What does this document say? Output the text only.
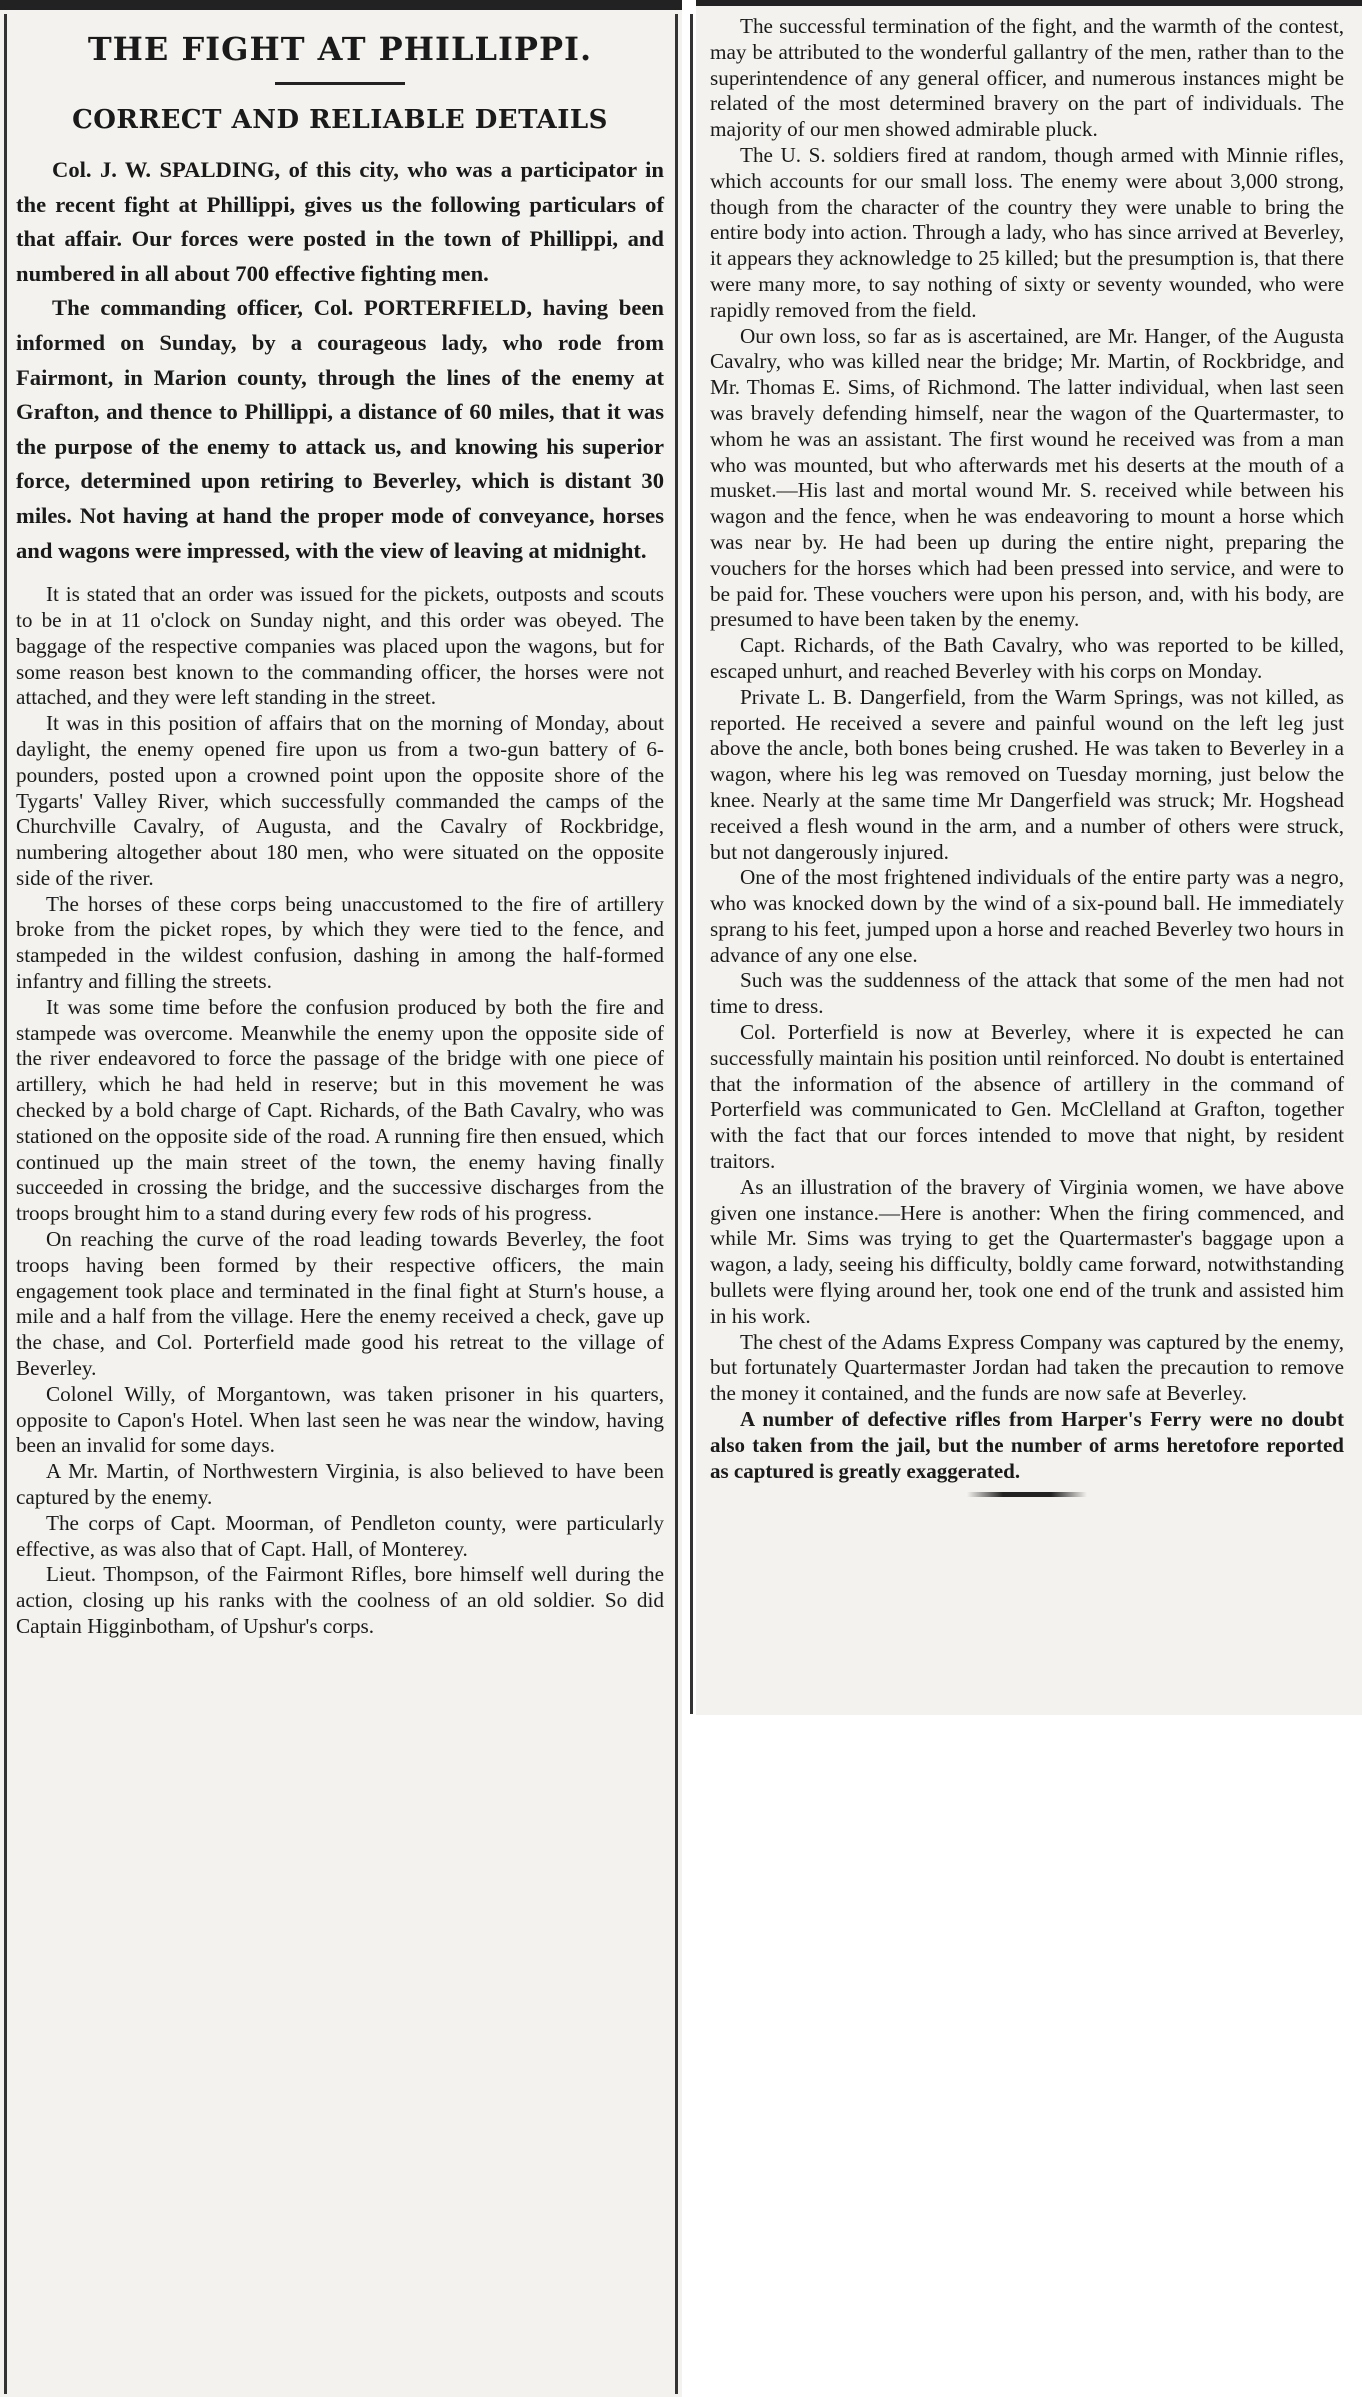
THE FIGHT AT PHILLIPPI.
CORRECT AND RELIABLE DETAILS

Col. J. W. SPALDING, of this city, who was a participator in the recent fight at Phillippi, gives us the following particulars of that affair. Our forces were posted in the town of Phillippi, and numbered in all about 700 effective fighting men.

The commanding officer, Col. PORTERFIELD, having been informed on Sunday, by a courageous lady, who rode from Fairmont, in Marion county, through the lines of the enemy at Grafton, and thence to Phillippi, a distance of 60 miles, that it was the purpose of the enemy to attack us, and knowing his superior force, determined upon retiring to Beverley, which is distant 30 miles. Not having at hand the proper mode of conveyance, horses and wagons were impressed, with the view of leaving at midnight.

It is stated that an order was issued for the pickets, outposts and scouts to be in at 11 o'clock on Sunday night, and this order was obeyed. The baggage of the respective companies was placed upon the wagons, but for some reason best known to the commanding officer, the horses were not attached, and they were left standing in the street.

It was in this position of affairs that on the morning of Monday, about daylight, the enemy opened fire upon us from a two-gun battery of 6-pounders, posted upon a crowned point upon the opposite shore of the Tygarts' Valley River, which successfully commanded the camps of the Churchville Cavalry, of Augusta, and the Cavalry of Rockbridge, numbering altogether about 180 men, who were situated on the opposite side of the river.

The horses of these corps being unaccustomed to the fire of artillery broke from the picket ropes, by which they were tied to the fence, and stampeded in the wildest confusion, dashing in among the half-formed infantry and filling the streets.

It was some time before the confusion produced by both the fire and stampede was overcome. Meanwhile the enemy upon the opposite side of the river endeavored to force the passage of the bridge with one piece of artillery, which he had held in reserve; but in this movement he was checked by a bold charge of Capt. Richards, of the Bath Cavalry, who was stationed on the opposite side of the road. A running fire then ensued, which continued up the main street of the town, the enemy having finally succeeded in crossing the bridge, and the successive discharges from the troops brought him to a stand during every few rods of his progress.

On reaching the curve of the road leading towards Beverley, the foot troops having been formed by their respective officers, the main engagement took place and terminated in the final fight at Sturn's house, a mile and a half from the village. Here the enemy received a check, gave up the chase, and Col. Porterfield made good his retreat to the village of Beverley.

Colonel Willy, of Morgantown, was taken prisoner in his quarters, opposite to Capon's Hotel. When last seen he was near the window, having been an invalid for some days.

A Mr. Martin, of Northwestern Virginia, is also believed to have been captured by the enemy.

The corps of Capt. Moorman, of Pendleton county, were particularly effective, as was also that of Capt. Hall, of Monterey.

Lieut. Thompson, of the Fairmont Rifles, bore himself well during the action, closing up his ranks with the coolness of an old soldier. So did Captain Higginbotham, of Upshur's corps.

The successful termination of the fight, and the warmth of the contest, may be attributed to the wonderful gallantry of the men, rather than to the superintendence of any general officer, and numerous instances might be related of the most determined bravery on the part of individuals. The majority of our men showed admirable pluck.

The U. S. soldiers fired at random, though armed with Minnie rifles, which accounts for our small loss. The enemy were about 3,000 strong, though from the character of the country they were unable to bring the entire body into action. Through a lady, who has since arrived at Beverley, it appears they acknowledge to 25 killed; but the presumption is, that there were many more, to say nothing of sixty or seventy wounded, who were rapidly removed from the field.

Our own loss, so far as is ascertained, are Mr. Hanger, of the Augusta Cavalry, who was killed near the bridge; Mr. Martin, of Rockbridge, and Mr. Thomas E. Sims, of Richmond. The latter individual, when last seen was bravely defending himself, near the wagon of the Quartermaster, to whom he was an assistant. The first wound he received was from a man who was mounted, but who afterwards met his deserts at the mouth of a musket.—His last and mortal wound Mr. S. received while between his wagon and the fence, when he was endeavoring to mount a horse which was near by. He had been up during the entire night, preparing the vouchers for the horses which had been pressed into service, and were to be paid for. These vouchers were upon his person, and, with his body, are presumed to have been taken by the enemy.

Capt. Richards, of the Bath Cavalry, who was reported to be killed, escaped unhurt, and reached Beverley with his corps on Monday.

Private L. B. Dangerfield, from the Warm Springs, was not killed, as reported. He received a severe and painful wound on the left leg just above the ancle, both bones being crushed. He was taken to Beverley in a wagon, where his leg was removed on Tuesday morning, just below the knee. Nearly at the same time Mr Dangerfield was struck; Mr. Hogshead received a flesh wound in the arm, and a number of others were struck, but not dangerously injured.

One of the most frightened individuals of the entire party was a negro, who was knocked down by the wind of a six-pound ball. He immediately sprang to his feet, jumped upon a horse and reached Beverley two hours in advance of any one else.

Such was the suddenness of the attack that some of the men had not time to dress.

Col. Porterfield is now at Beverley, where it is expected he can successfully maintain his position until reinforced. No doubt is entertained that the information of the absence of artillery in the command of Porterfield was communicated to Gen. McClelland at Grafton, together with the fact that our forces intended to move that night, by resident traitors.

As an illustration of the bravery of Virginia women, we have above given one instance.—Here is another: When the firing commenced, and while Mr. Sims was trying to get the Quartermaster's baggage upon a wagon, a lady, seeing his difficulty, boldly came forward, notwithstanding bullets were flying around her, took one end of the trunk and assisted him in his work.

The chest of the Adams Express Company was captured by the enemy, but fortunately Quartermaster Jordan had taken the precaution to remove the money it contained, and the funds are now safe at Beverley.

A number of defective rifles from Harper's Ferry were no doubt also taken from the jail, but the number of arms heretofore reported as captured is greatly exaggerated.
